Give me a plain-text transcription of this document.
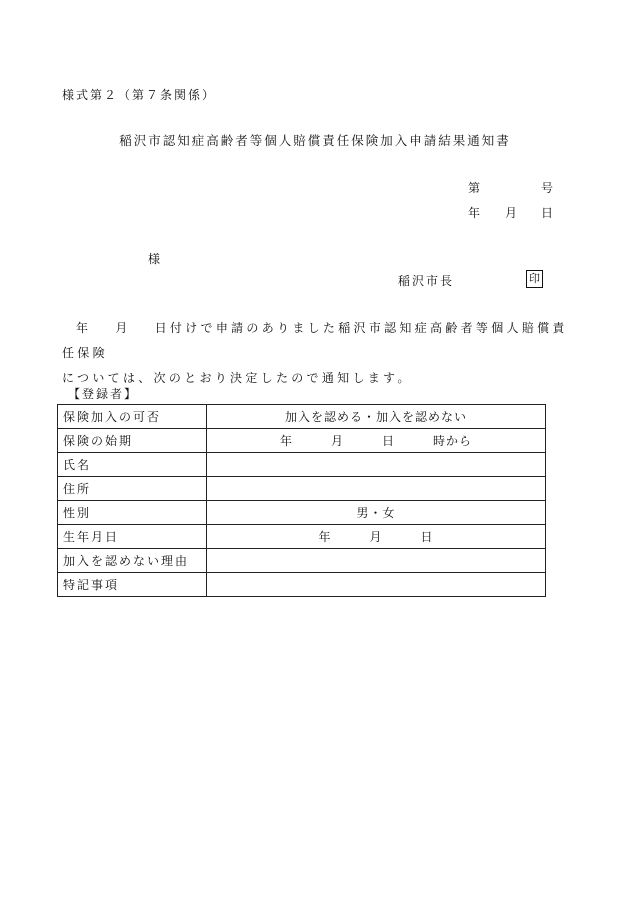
様式第２（第７条関係）
稲沢市認知症高齢者等個人賠償責任保険加入申請結果通知書
第	号
年 月 日
様
稲沢市長	印
年 月 日付けで申請のありました稲沢市認知症高齢者等個人賠償責任保険
については、次のとおり決定したので通知します。
【登録者】
保険加入の可否	加入を認める・加入を認めない
保険の始期	年 月 日 時から
氏名	
住所	
性別	男・女
生年月日	年 月 日
加入を認めない理由	
特記事項	
